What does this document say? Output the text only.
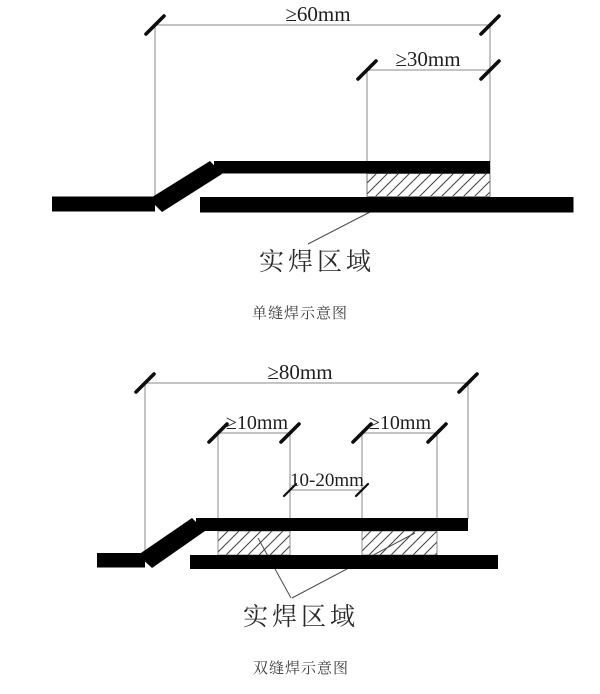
≥60mm
≥30mm
实焊区域
单缝焊示意图
≥80mm
≥10mm	≥10mm
10-20mm
实焊区域
双缝焊示意图
